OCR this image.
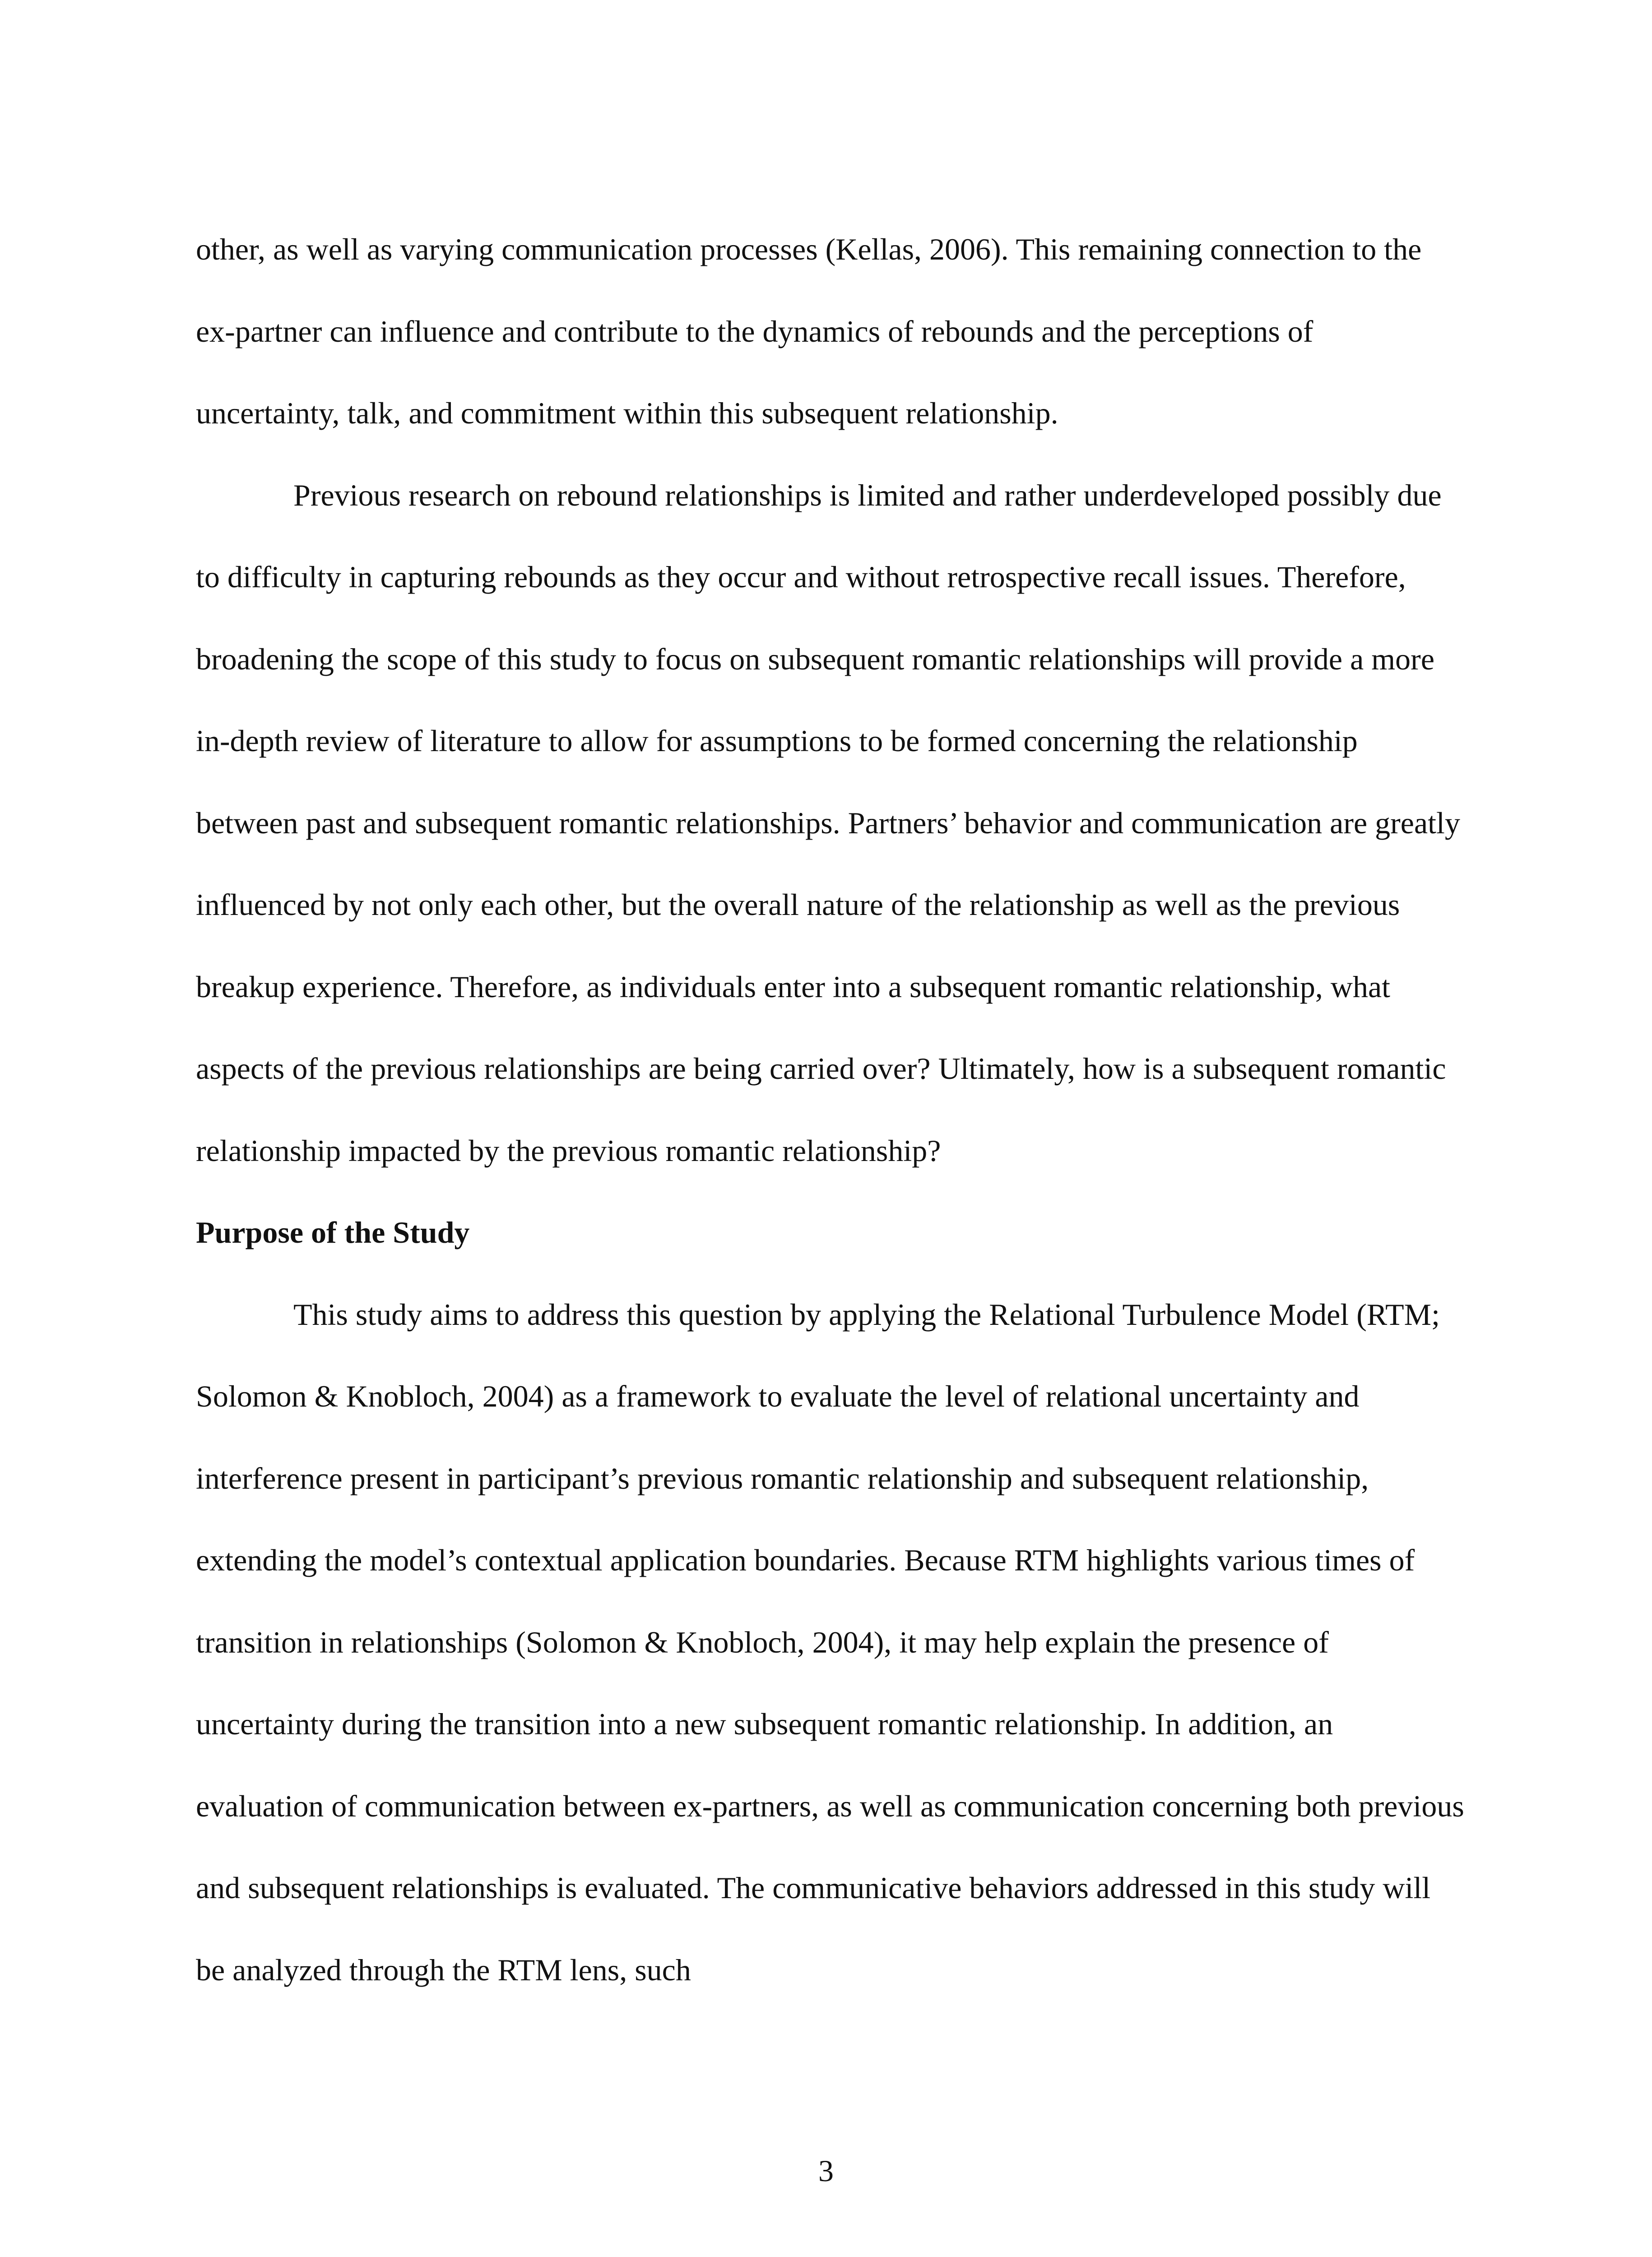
other, as well as varying communication processes (Kellas, 2006). This remaining connection to the ex-partner can influence and contribute to the dynamics of rebounds and the perceptions of uncertainty, talk, and commitment within this subsequent relationship.

Previous research on rebound relationships is limited and rather underdeveloped possibly due to difficulty in capturing rebounds as they occur and without retrospective recall issues. Therefore, broadening the scope of this study to focus on subsequent romantic relationships will provide a more in-depth review of literature to allow for assumptions to be formed concerning the relationship between past and subsequent romantic relationships. Partners’ behavior and communication are greatly influenced by not only each other, but the overall nature of the relationship as well as the previous breakup experience. Therefore, as individuals enter into a subsequent romantic relationship, what aspects of the previous relationships are being carried over? Ultimately, how is a subsequent romantic relationship impacted by the previous romantic relationship?

Purpose of the Study

This study aims to address this question by applying the Relational Turbulence Model (RTM; Solomon & Knobloch, 2004) as a framework to evaluate the level of relational uncertainty and interference present in participant’s previous romantic relationship and subsequent relationship, extending the model’s contextual application boundaries. Because RTM highlights various times of transition in relationships (Solomon & Knobloch, 2004), it may help explain the presence of uncertainty during the transition into a new subsequent romantic relationship. In addition, an evaluation of communication between ex-partners, as well as communication concerning both previous and subsequent relationships is evaluated. The communicative behaviors addressed in this study will be analyzed through the RTM lens, such

3
